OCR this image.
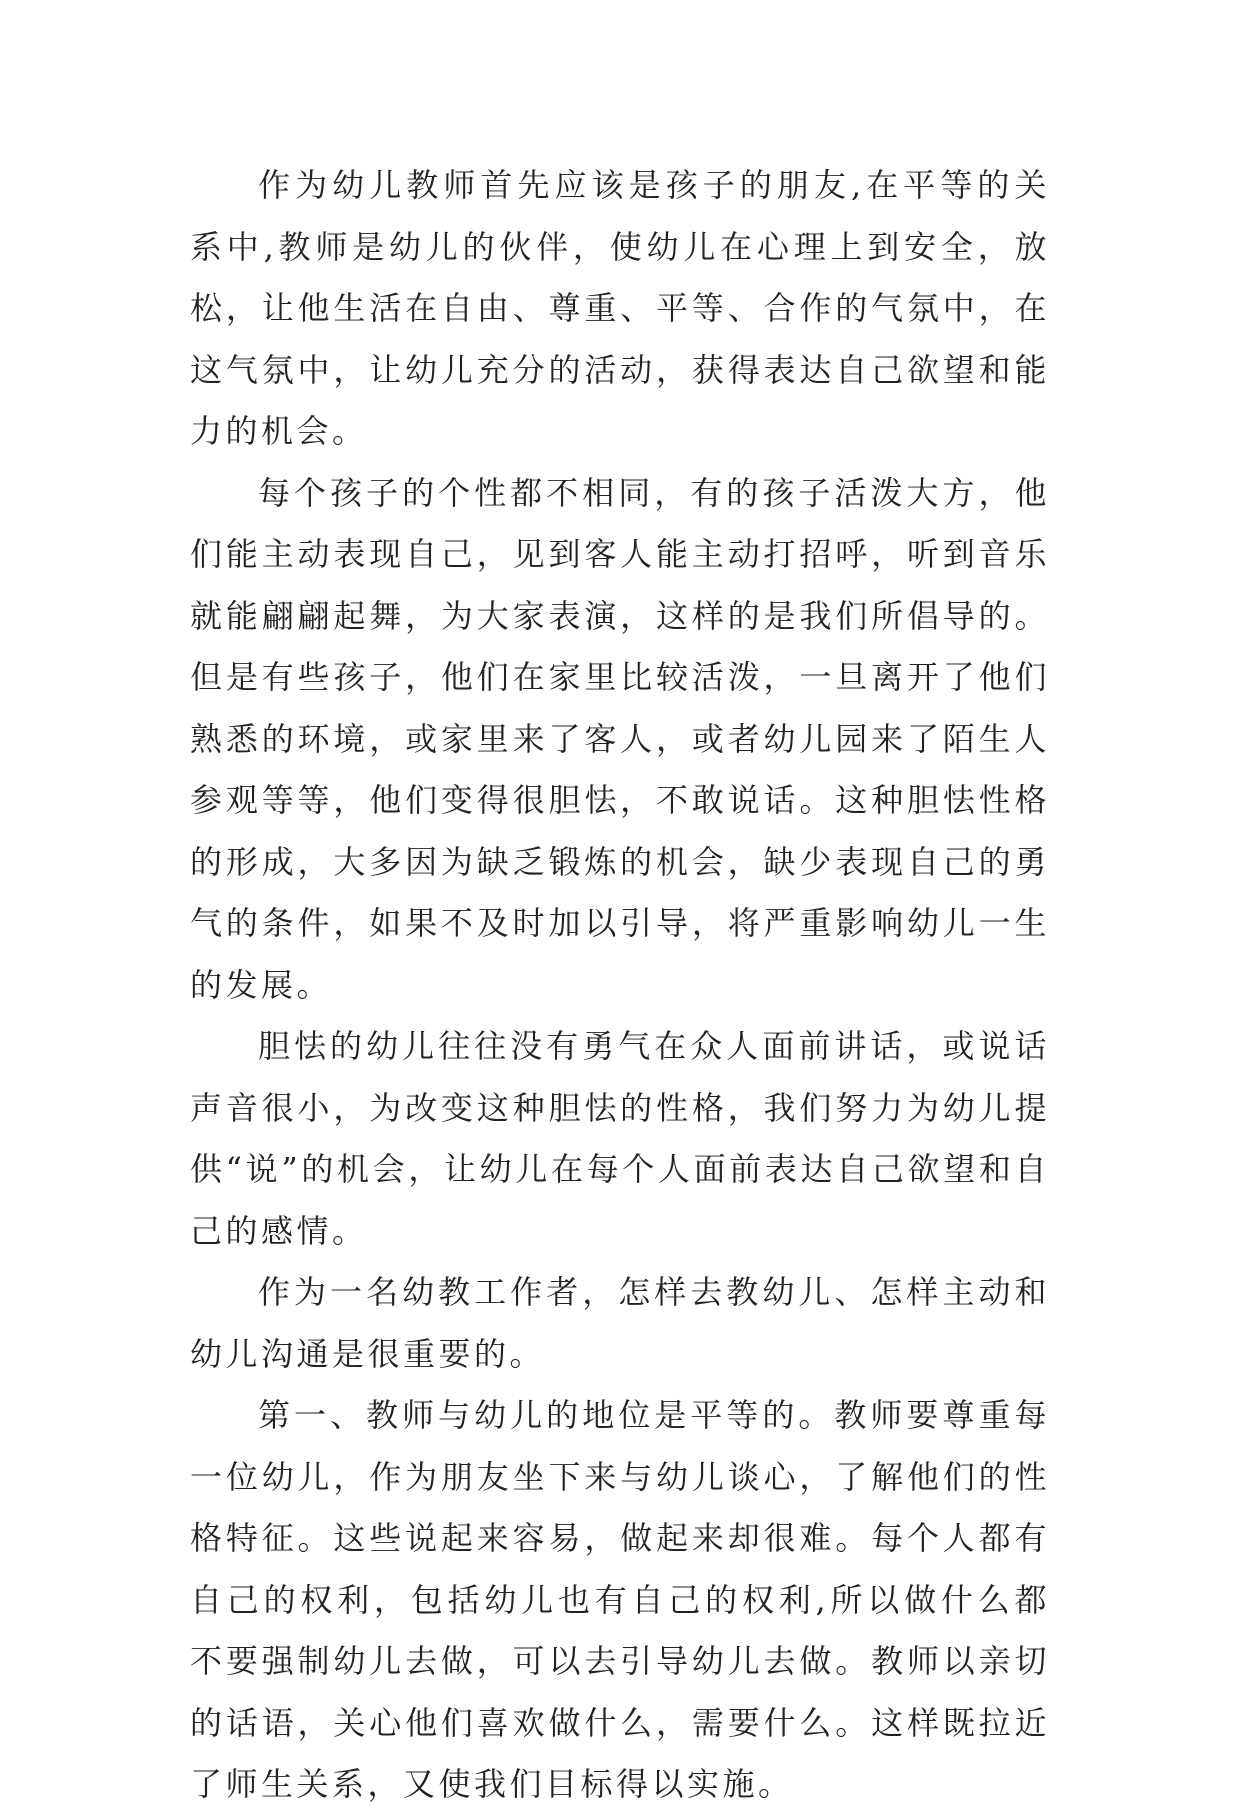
作为幼儿教师首先应该是孩子的朋友,在平等的关系中,教师是幼儿的伙伴，使幼儿在心理上到安全，放松，让他生活在自由、尊重、平等、合作的气氛中，在这气氛中，让幼儿充分的活动，获得表达自己欲望和能力的机会。

每个孩子的个性都不相同，有的孩子活泼大方，他们能主动表现自己，见到客人能主动打招呼，听到音乐就能翩翩起舞，为大家表演，这样的是我们所倡导的。但是有些孩子，他们在家里比较活泼，一旦离开了他们熟悉的环境，或家里来了客人，或者幼儿园来了陌生人参观等等，他们变得很胆怯，不敢说话。这种胆怯性格的形成，大多因为缺乏锻炼的机会，缺少表现自己的勇气的条件，如果不及时加以引导，将严重影响幼儿一生的发展。

胆怯的幼儿往往没有勇气在众人面前讲话，或说话声音很小，为改变这种胆怯的性格，我们努力为幼儿提供“说”的机会，让幼儿在每个人面前表达自己欲望和自己的感情。

作为一名幼教工作者，怎样去教幼儿、怎样主动和幼儿沟通是很重要的。

第一、教师与幼儿的地位是平等的。教师要尊重每一位幼儿，作为朋友坐下来与幼儿谈心，了解他们的性格特征。这些说起来容易，做起来却很难。每个人都有自己的权利，包括幼儿也有自己的权利,所以做什么都不要强制幼儿去做，可以去引导幼儿去做。教师以亲切的话语，关心他们喜欢做什么，需要什么。这样既拉近了师生关系，又使我们目标得以实施。
